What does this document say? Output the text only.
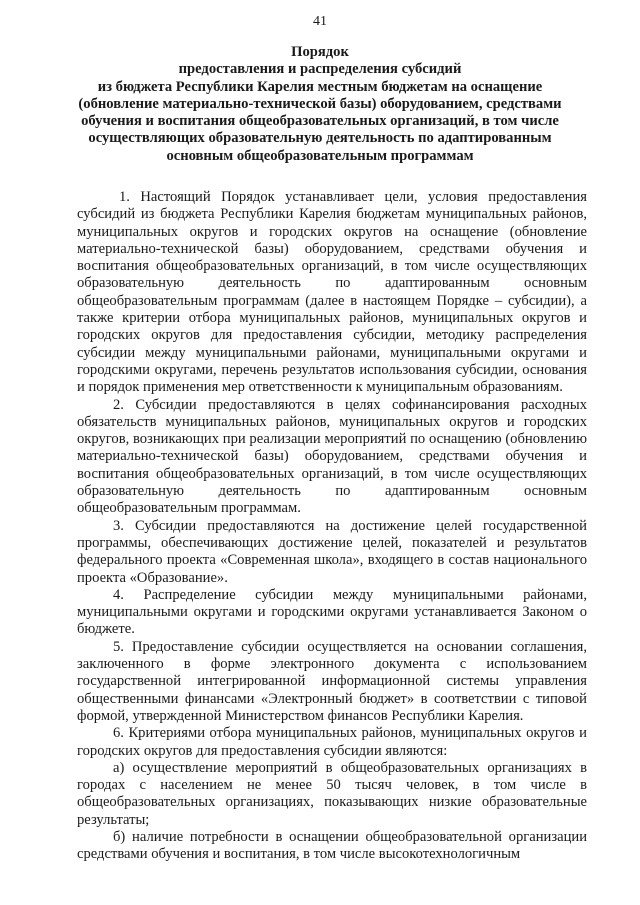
41
Порядок
предоставления и распределения субсидий
из бюджета Республики Карелия местным бюджетам на оснащение
(обновление материально-технической базы) оборудованием, средствами
обучения и воспитания общеобразовательных организаций, в том числе
осуществляющих образовательную деятельность по адаптированным
основным общеобразовательным программам

1. Настоящий Порядок устанавливает цели, условия предоставления субсидий из бюджета Республики Карелия бюджетам муниципальных районов, муниципальных округов и городских округов на оснащение (обновление материально-технической базы) оборудованием, средствами обучения и воспитания общеобразовательных организаций, в том числе осуществляющих образовательную деятельность по адаптированным основным общеобразовательным программам (далее в настоящем Порядке – субсидии), а также критерии отбора муниципальных районов, муниципальных округов и городских округов для предоставления субсидии, методику распределения субсидии между муниципальными районами, муниципальными округами и городскими округами, перечень результатов использования субсидии, основания и порядок применения мер ответственности к муниципальным образованиям.

2. Субсидии предоставляются в целях софинансирования расходных обязательств муниципальных районов, муниципальных округов и городских округов, возникающих при реализации мероприятий по оснащению (обновлению материально-технической базы) оборудованием, средствами обучения и воспитания общеобразовательных организаций, в том числе осуществляющих образовательную деятельность по адаптированным основным общеобразовательным программам.

3. Субсидии предоставляются на достижение целей государственной программы, обеспечивающих достижение целей, показателей и результатов федерального проекта «Современная школа», входящего в состав национального проекта «Образование».

4. Распределение субсидии между муниципальными районами, муниципальными округами и городскими округами устанавливается Законом о бюджете.

5. Предоставление субсидии осуществляется на основании соглашения, заключенного в форме электронного документа с использованием государственной интегрированной информационной системы управления общественными финансами «Электронный бюджет» в соответствии с типовой формой, утвержденной Министерством финансов Республики Карелия.

6. Критериями отбора муниципальных районов, муниципальных округов и городских округов для предоставления субсидии являются:

а) осуществление мероприятий в общеобразовательных организациях в городах с населением не менее 50 тысяч человек, в том числе в общеобразовательных организациях, показывающих низкие образовательные результаты;

б) наличие потребности в оснащении общеобразовательной организации средствами обучения и воспитания, в том числе высокотехнологичным
